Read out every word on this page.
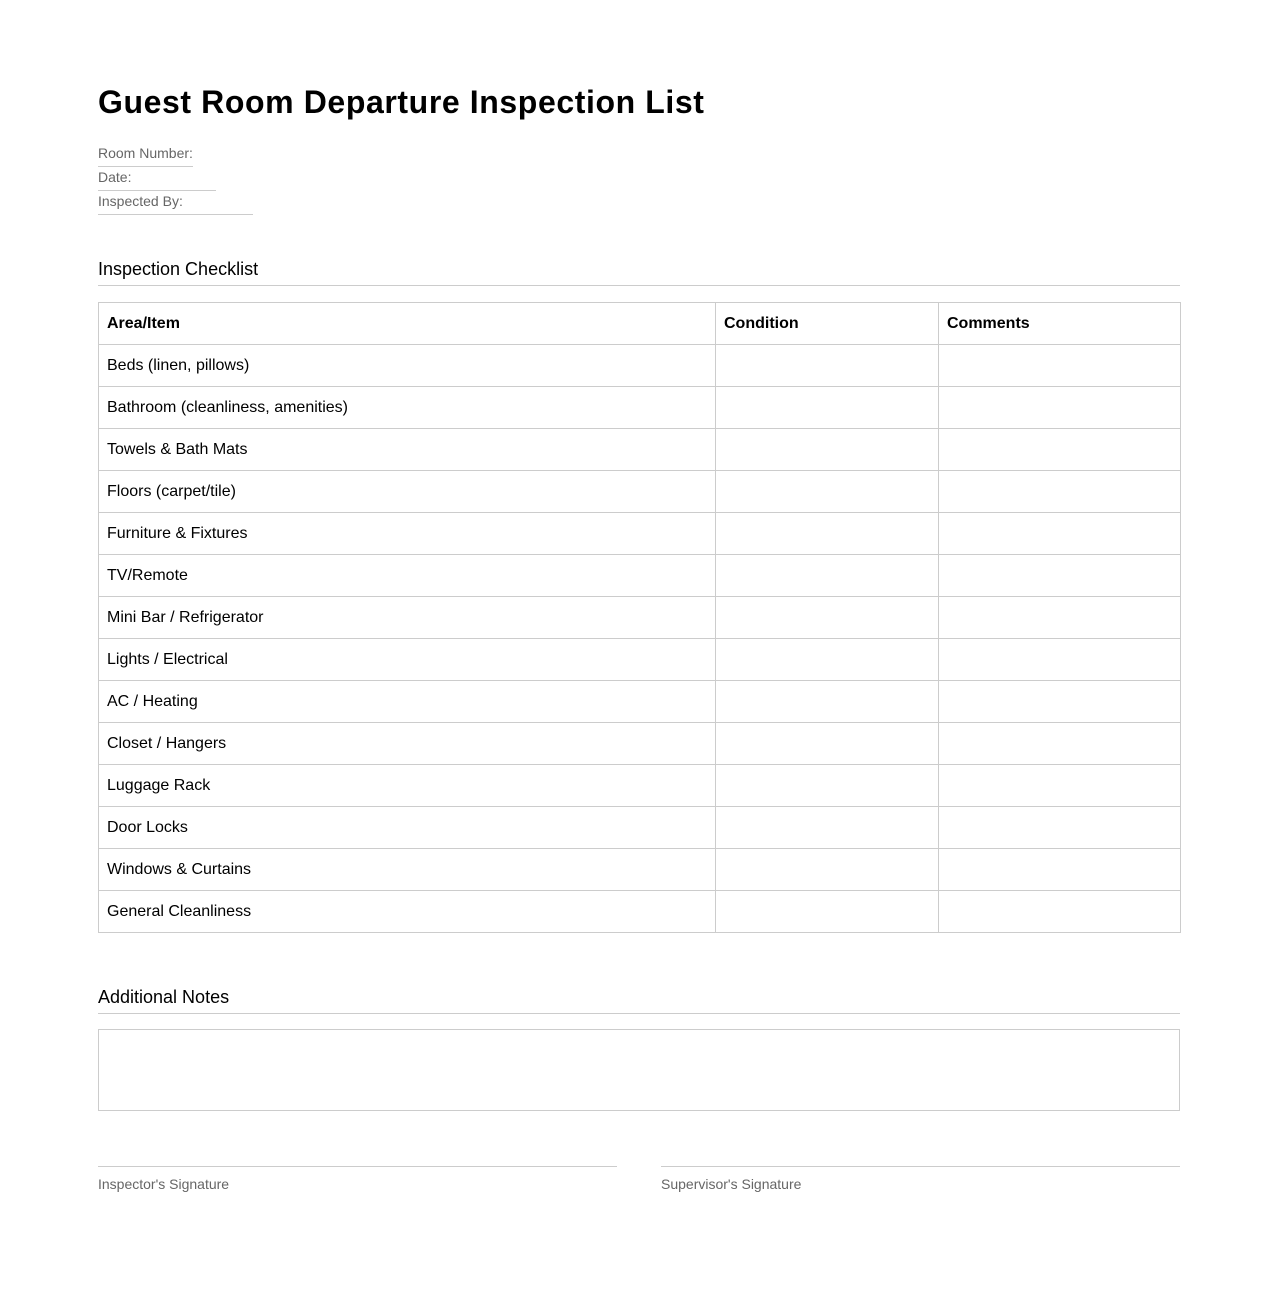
Guest Room Departure Inspection List
Room Number:
Date:
Inspected By:
Inspection Checklist
Area/Item	Condition	Comments
Beds (linen, pillows)		
Bathroom (cleanliness, amenities)		
Towels & Bath Mats		
Floors (carpet/tile)		
Furniture & Fixtures		
TV/Remote		
Mini Bar / Refrigerator		
Lights / Electrical		
AC / Heating		
Closet / Hangers		
Luggage Rack		
Door Locks		
Windows & Curtains		
General Cleanliness		
Additional Notes
Inspector's Signature	Supervisor's Signature
